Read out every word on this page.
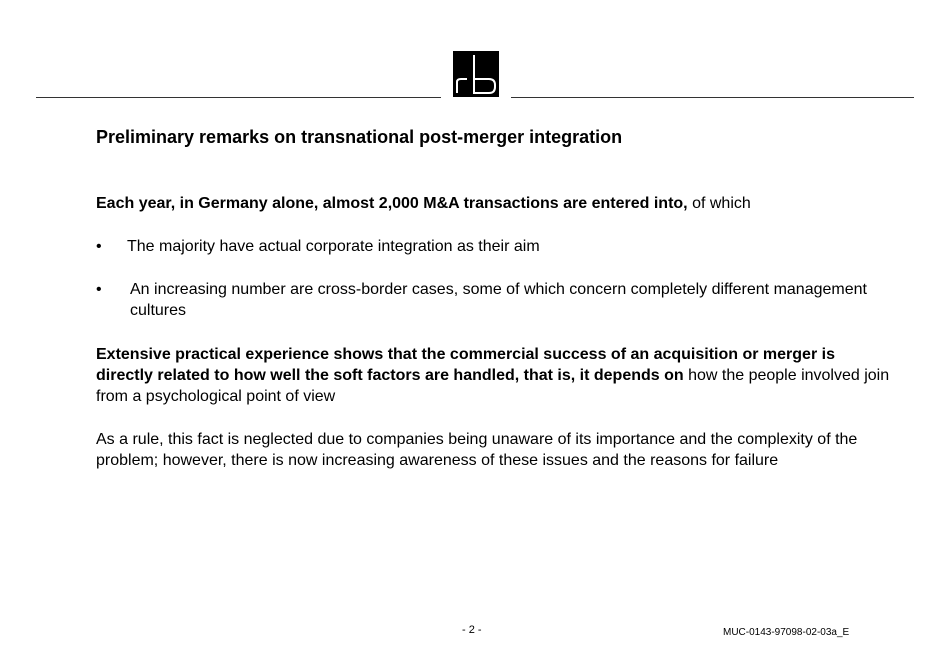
Preliminary remarks on transnational post-merger integration

Each year, in Germany alone, almost 2,000 M&A transactions are entered into, of which

• The majority have actual corporate integration as their aim
• An increasing number are cross-border cases, some of which concern completely different management cultures

Extensive practical experience shows that the commercial success of an acquisition or merger is directly related to how well the soft factors are handled, that is, it depends on how the people involved join from a psychological point of view

As a rule, this fact is neglected due to companies being unaware of its importance and the complexity of the problem; however, there is now increasing awareness of these issues and the reasons for failure

- 2 -	MUC-0143-97098-02-03a_E
